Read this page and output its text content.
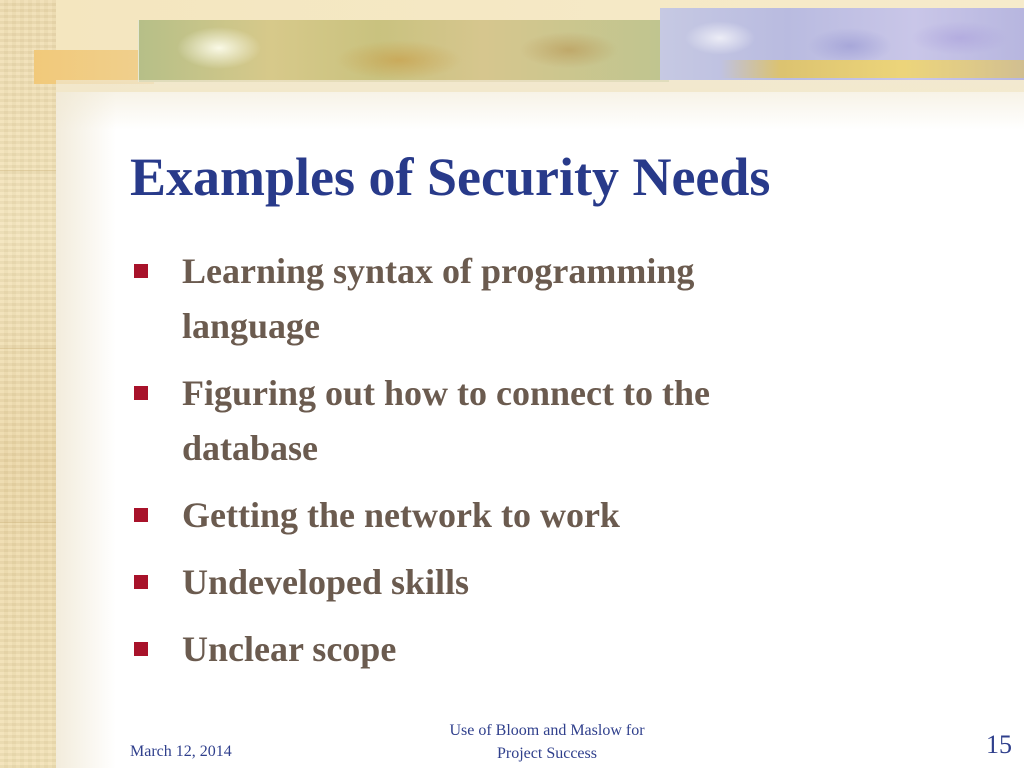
Examples of Security Needs
Learning syntax of programming
language
Figuring out how to connect to the
database
Getting the network to work
Undeveloped skills
Unclear scope
March 12, 2014
Use of Bloom and Maslow for
Project Success	15
